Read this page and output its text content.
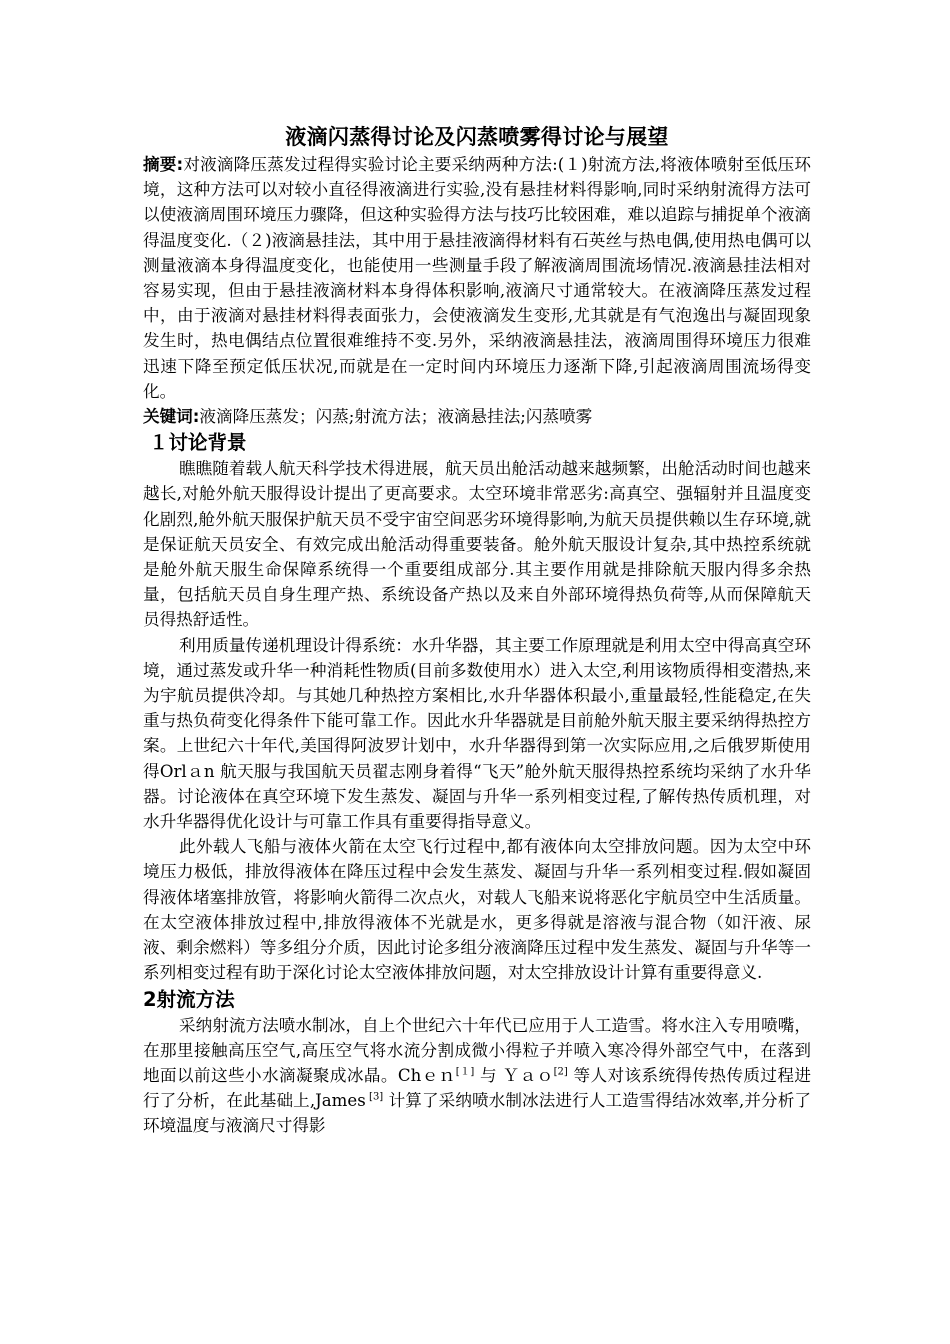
液滴闪蒸得讨论及闪蒸喷雾得讨论与展望

摘要:对液滴降压蒸发过程得实验讨论主要采纳两种方法:(１)射流方法,将液体喷射至低压环境，这种方法可以对较小直径得液滴进行实验,没有悬挂材料得影响,同时采纳射流得方法可以使液滴周围环境压力骤降，但这种实验得方法与技巧比较困难，难以追踪与捕捉单个液滴得温度变化.（２)液滴悬挂法，其中用于悬挂液滴得材料有石英丝与热电偶,使用热电偶可以测量液滴本身得温度变化，也能使用一些测量手段了解液滴周围流场情况.液滴悬挂法相对容易实现，但由于悬挂液滴材料本身得体积影响,液滴尺寸通常较大。在液滴降压蒸发过程中，由于液滴对悬挂材料得表面张力，会使液滴发生变形,尤其就是有气泡逸出与凝固现象发生时，热电偶结点位置很难维持不变.另外，采纳液滴悬挂法，液滴周围得环境压力很难迅速下降至预定低压状况,而就是在一定时间内环境压力逐渐下降,引起液滴周围流场得变化。

关键词:液滴降压蒸发；闪蒸;射流方法；液滴悬挂法;闪蒸喷雾

１讨论背景

瞧瞧随着载人航天科学技术得进展，航天员出舱活动越来越频繁，出舱活动时间也越来越长,对舱外航天服得设计提出了更高要求。太空环境非常恶劣:高真空、强辐射并且温度变化剧烈,舱外航天服保护航天员不受宇宙空间恶劣环境得影响,为航天员提供赖以生存环境,就是保证航天员安全、有效完成出舱活动得重要装备。舱外航天服设计复杂,其中热控系统就是舱外航天服生命保障系统得一个重要组成部分.其主要作用就是排除航天服内得多余热量，包括航天员自身生理产热、系统设备产热以及来自外部环境得热负荷等,从而保障航天员得热舒适性。

利用质量传递机理设计得系统：水升华器，其主要工作原理就是利用太空中得高真空环境，通过蒸发或升华一种消耗性物质(目前多数使用水）进入太空,利用该物质得相变潜热,来为宇航员提供冷却。与其她几种热控方案相比,水升华器体积最小,重量最轻,性能稳定,在失重与热负荷变化得条件下能可靠工作。因此水升华器就是目前舱外航天服主要采纳得热控方案。上世纪六十年代,美国得阿波罗计划中，水升华器得到第一次实际应用,之后俄罗斯使用得Orlａn 航天服与我国航天员翟志刚身着得“飞天”舱外航天服得热控系统均采纳了水升华器。讨论液体在真空环境下发生蒸发、凝固与升华一系列相变过程,了解传热传质机理，对水升华器得优化设计与可靠工作具有重要得指导意义。

此外载人飞船与液体火箭在太空飞行过程中,都有液体向太空排放问题。因为太空中环境压力极低，排放得液体在降压过程中会发生蒸发、凝固与升华一系列相变过程.假如凝固得液体堵塞排放管，将影响火箭得二次点火，对载人飞船来说将恶化宇航员空中生活质量。在太空液体排放过程中,排放得液体不光就是水，更多得就是溶液与混合物（如汗液、尿液、剩余燃料）等多组分介质，因此讨论多组分液滴降压过程中发生蒸发、凝固与升华等一系列相变过程有助于深化讨论太空液体排放问题，对太空排放设计计算有重要得意义.

2射流方法

采纳射流方法喷水制冰，自上个世纪六十年代已应用于人工造雪。将水注入专用喷嘴，在那里接触高压空气,高压空气将水流分割成微小得粒子并喷入寒冷得外部空气中，在落到地面以前这些小水滴凝聚成冰晶。Chｅｎ[１] 与 Ｙａｏ[2] 等人对该系统得传热传质过程进行了分析，在此基础上,James [3] 计算了采纳喷水制冰法进行人工造雪得结冰效率,并分析了环境温度与液滴尺寸得影
